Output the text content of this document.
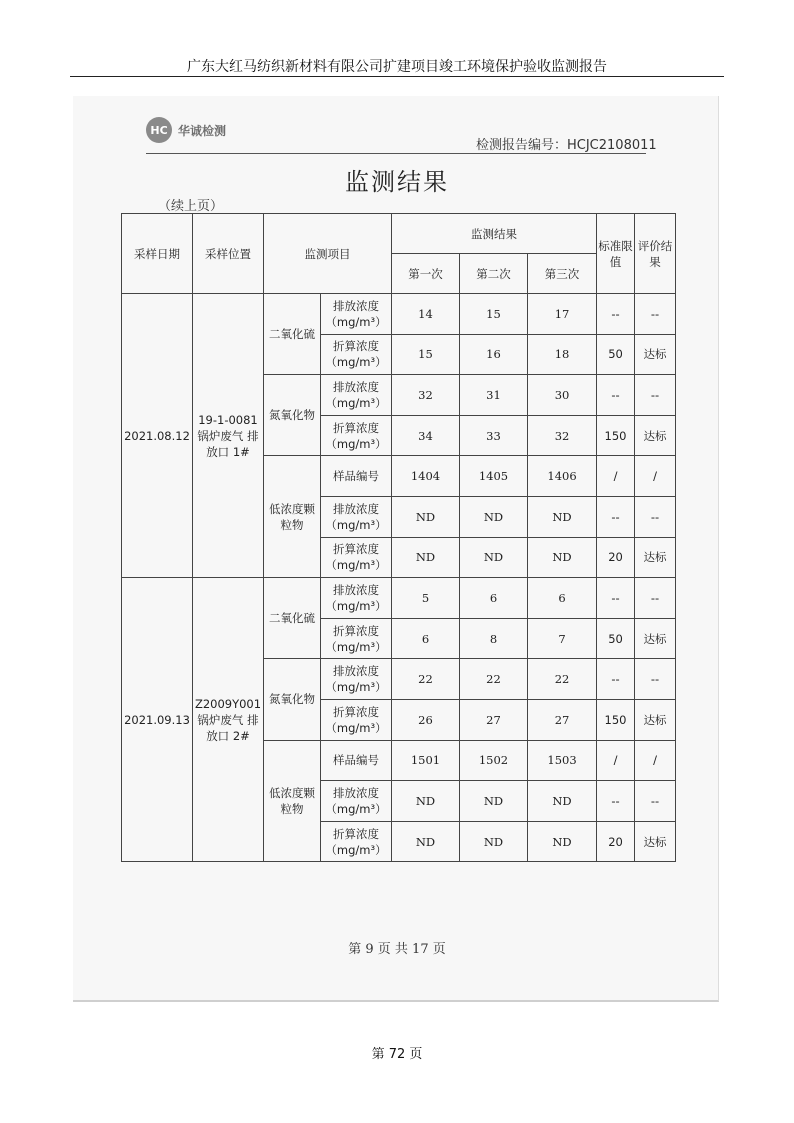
广东大红马纺织新材料有限公司扩建项目竣工环境保护验收监测报告
HC 华诚检测
检测报告编号：HCJC2108011
监测结果
（续上页）
采样日期	采样位置	监测项目		监测结果			标准限值	评价结果
				第一次	第二次	第三次		
2021.08.12	19-1-0081 锅炉废气 排放口 1#	二氧化硫	排放浓度（mg/m³）	14	15	17	--	--
			折算浓度（mg/m³）	15	16	18	50	达标
		氮氧化物	排放浓度（mg/m³）	32	31	30	--	--
			折算浓度（mg/m³）	34	33	32	150	达标
		低浓度颗粒物	样品编号	1404	1405	1406	/	/
			排放浓度（mg/m³）	ND	ND	ND	--	--
			折算浓度（mg/m³）	ND	ND	ND	20	达标
2021.09.13	Z2009Y001 锅炉废气 排放口 2#	二氧化硫	排放浓度（mg/m³）	5	6	6	--	--
			折算浓度（mg/m³）	6	8	7	50	达标
		氮氧化物	排放浓度（mg/m³）	22	22	22	--	--
			折算浓度（mg/m³）	26	27	27	150	达标
		低浓度颗粒物	样品编号	1501	1502	1503	/	/
			排放浓度（mg/m³）	ND	ND	ND	--	--
			折算浓度（mg/m³）	ND	ND	ND	20	达标
第 9 页 共 17 页
第 72 页
